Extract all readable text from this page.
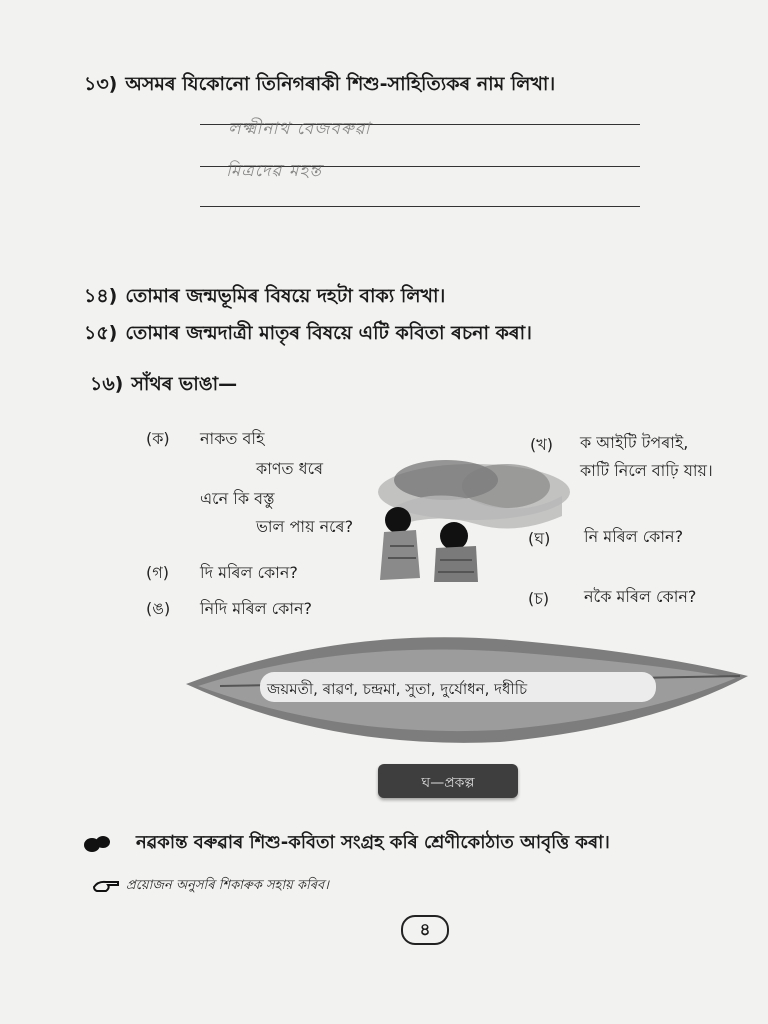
১৩) অসমৰ যিকোনো তিনিগৰাকী শিশু-সাহিত্যিকৰ নাম লিখা।
লক্ষ্মীনাথ বেজবৰুৱা
মিত্ৰদেৱ মহন্ত
১৪) তোমাৰ জন্মভূমিৰ বিষয়ে দহটা বাক্য লিখা।
১৫) তোমাৰ জন্মদাত্ৰী মাতৃৰ বিষয়ে এটি কবিতা ৰচনা কৰা।
১৬) সাঁথৰ ভাঙা—
(ক) নাকত বহি
কাণত ধৰে
এনে কি বস্তু
ভাল পায় নৰে?
(খ) ক আইটি টপৰাই,
কাটি নিলে বাঢ়ি যায়।
(গ) দি মৰিল কোন?
(ঘ) নি মৰিল কোন?
(ঙ) নিদি মৰিল কোন?
(চ) নকৈ মৰিল কোন?
জয়মতী, ৰাৱণ, চন্দ্ৰমা, সুতা, দুৰ্যোধন, দধীচি
ঘ—প্ৰকল্প
নৱকান্ত বৰুৱাৰ শিশু-কবিতা সংগ্ৰহ কৰি শ্ৰেণীকোঠাত আবৃত্তি কৰা।
প্ৰয়োজন অনুসৰি শিকাৰুক সহায় কৰিব।
৪
